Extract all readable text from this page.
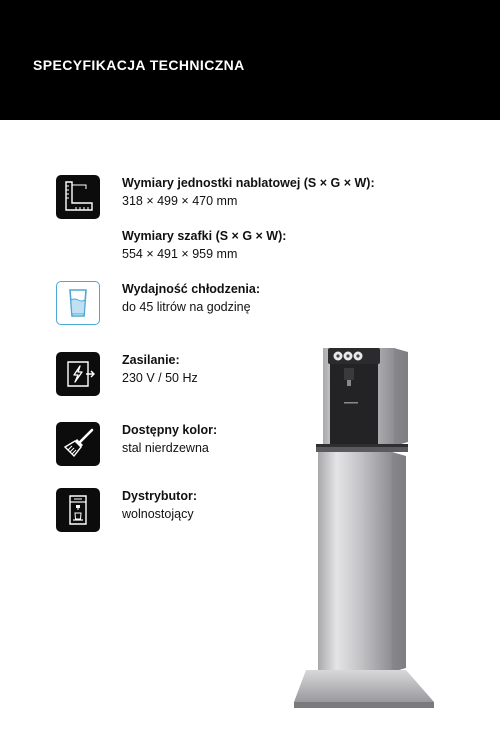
SPECYFIKACJA TECHNICZNA
Wymiary jednostki nablatowej (S × G × W):
318 × 499 × 470 mm
Wymiary szafki (S × G × W):
554 × 491 × 959 mm
Wydajność chłodzenia:
do 45 litrów na godzinę
Zasilanie:
230 V / 50 Hz
Dostępny kolor:
stal nierdzewna
Dystrybutor:
wolnostojący
